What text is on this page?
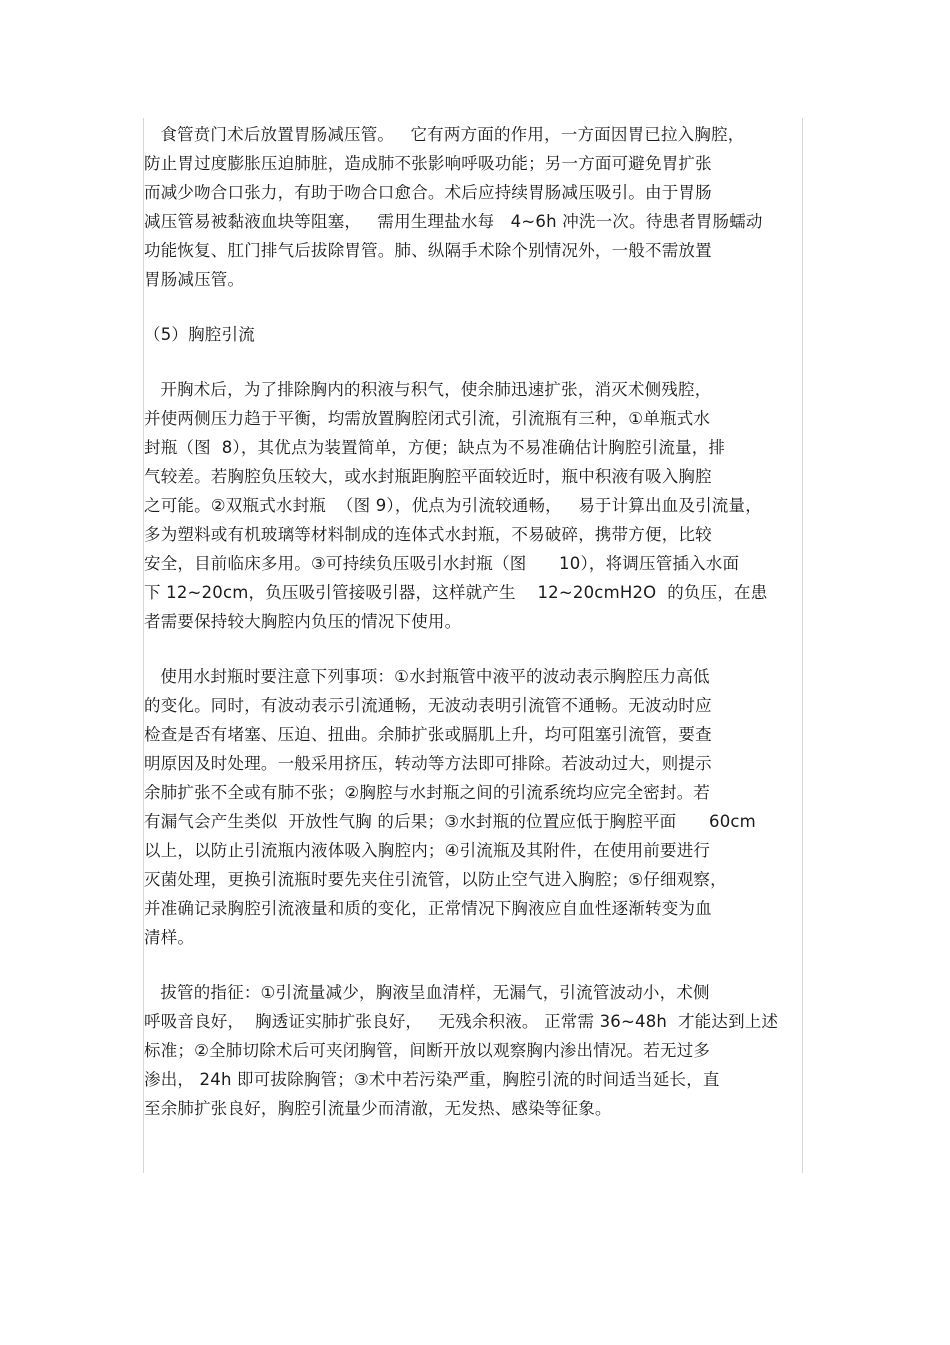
食管贲门术后放置胃肠减压管。   它有两方面的作用，一方面因胃已拉入胸腔，
防止胃过度膨胀压迫肺脏，造成肺不张影响呼吸功能；另一方面可避免胃扩张
而减少吻合口张力，有助于吻合口愈合。术后应持续胃肠减压吸引。由于胃肠
减压管易被黏液血块等阻塞，   需用生理盐水每   4~6h 冲洗一次。待患者胃肠蠕动
功能恢复、肛门排气后拔除胃管。肺、纵隔手术除个别情况外，一般不需放置
胃肠减压管。
（5）胸腔引流
开胸术后，为了排除胸内的积液与积气，使余肺迅速扩张，消灭术侧残腔，
并使两侧压力趋于平衡，均需放置胸腔闭式引流，引流瓶有三种，①单瓶式水
封瓶（图  8），其优点为装置简单，方便；缺点为不易准确估计胸腔引流量，排
气较差。若胸腔负压较大，或水封瓶距胸腔平面较近时，瓶中积液有吸入胸腔
之可能。②双瓶式水封瓶  （图 9），优点为引流较通畅，   易于计算出血及引流量，
多为塑料或有机玻璃等材料制成的连体式水封瓶，不易破碎，携带方便，比较
安全，目前临床多用。③可持续负压吸引水封瓶（图      10），将调压管插入水面
下 12~20cm，负压吸引管接吸引器，这样就产生    12~20cmH2O  的负压，在患
者需要保持较大胸腔内负压的情况下使用。
使用水封瓶时要注意下列事项：①水封瓶管中液平的波动表示胸腔压力高低
的变化。同时，有波动表示引流通畅，无波动表明引流管不通畅。无波动时应
检查是否有堵塞、压迫、扭曲。余肺扩张或膈肌上升，均可阻塞引流管，要查
明原因及时处理。一般采用挤压，转动等方法即可排除。若波动过大，则提示
余肺扩张不全或有肺不张；②胸腔与水封瓶之间的引流系统均应完全密封。若
有漏气会产生类似  开放性气胸 的后果；③水封瓶的位置应低于胸腔平面      60cm
以上，以防止引流瓶内液体吸入胸腔内；④引流瓶及其附件，在使用前要进行
灭菌处理，更换引流瓶时要先夹住引流管，以防止空气进入胸腔；⑤仔细观察，
并准确记录胸腔引流液量和质的变化，正常情况下胸液应自血性逐渐转变为血
清样。
拔管的指征：①引流量减少，胸液呈血清样，无漏气，引流管波动小，术侧
呼吸音良好，  胸透证实肺扩张良好，   无残余积液。 正常需 36~48h  才能达到上述
标准；②全肺切除术后可夹闭胸管，间断开放以观察胸内渗出情况。若无过多
渗出， 24h 即可拔除胸管；③术中若污染严重，胸腔引流的时间适当延长，直
至余肺扩张良好，胸腔引流量少而清澈，无发热、感染等征象。
